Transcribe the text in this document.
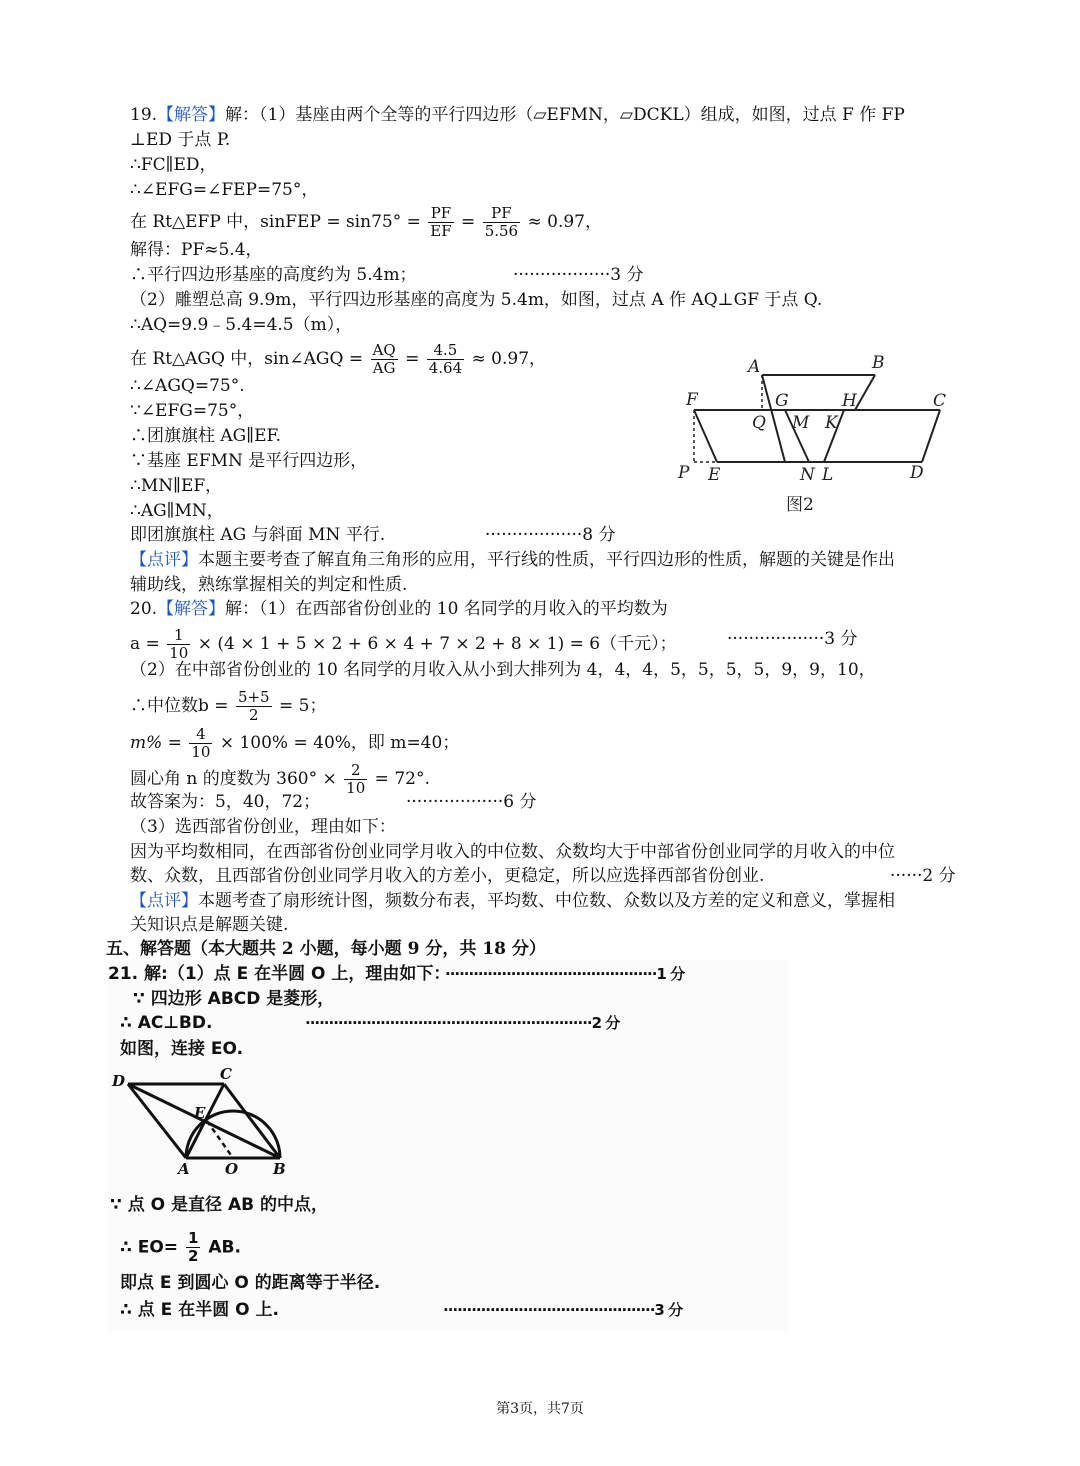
19.【解答】解：（1）基座由两个全等的平行四边形（▱EFMN，▱DCKL）组成，如图，过点 F 作 FP
⊥ED 于点 P.
∴FC∥ED，
∴∠EFG=∠FEP=75°，
在 Rt△EFP 中，sinFEP = $\sin 75^\circ = \frac{PF}{EF} = \frac{PF}{5.56} \approx 0.97$，
解得：PF≈5.4，
∴平行四边形基座的高度约为 5.4m；	··················3 分
（2）雕塑总高 9.9m，平行四边形基座的高度为 5.4m，如图，过点 A 作 AQ⊥GF 于点 Q.
∴AQ=9.9﹣5.4=4.5（m），
在 Rt△AGQ 中，sin∠AGQ = $\frac{AQ}{AG} = \frac{4.5}{4.64} \approx 0.97$，
∴∠AGQ=75°.
∵∠EFG=75°，
∴团旗旗柱 AG∥EF.
∵基座 EFMN 是平行四边形，
∴MN∥EF，
∴AG∥MN，
即团旗旗柱 AG 与斜面 MN 平行.	··················8 分
【点评】本题主要考查了解直角三角形的应用，平行线的性质，平行四边形的性质，解题的关键是作出
辅助线，熟练掌握相关的判定和性质.
A	B
F	G	H	C
Q M K
P E	N L	D
图2
20.【解答】解：（1）在西部省份创业的 10 名同学的月收入的平均数为
$a = \frac{1}{10} \times (4 \times 1 + 5 \times 2 + 6 \times 4 + 7 \times 2 + 8 \times 1) = 6$（千元）；	··················3 分
（2）在中部省份创业的 10 名同学的月收入从小到大排列为 4，4，4，5，5，5，5，9，9，10，
∴中位数$b = \frac{5+5}{2} = 5$；
$m\% = \frac{4}{10} \times 100\% = 40\%$，即 m=40；
圆心角 n 的度数为 $360^\circ \times \frac{2}{10} = 72^\circ$.
故答案为：5，40，72；	··················6 分
（3）选西部省份创业，理由如下：
因为平均数相同，在西部省份创业同学月收入的中位数、众数均大于中部省份创业同学的月收入的中位
数、众数，且西部省份创业同学月收入的方差小，更稳定，所以应选择西部省份创业.	······2 分
【点评】本题考查了扇形统计图，频数分布表，平均数、中位数、众数以及方差的定义和意义，掌握相
关知识点是解题关键.
五、解答题（本大题共 2 小题，每小题 9 分，共 18 分）
21. 解:（1）点 E 在半圆 O 上，理由如下：
·············································1 分
∵ 四边形 ABCD 是菱形，
∴ AC⊥BD.	·····························································2 分
如图，连接 EO.
D	C
E
A O B
∵ 点 O 是直径 AB 的中点，
∴ $EO= \frac{1}{2}$ AB.
即点 E 到圆心 O 的距离等于半径.
∴ 点 E 在半圆 O 上.	·············································3 分
第3页，共7页
